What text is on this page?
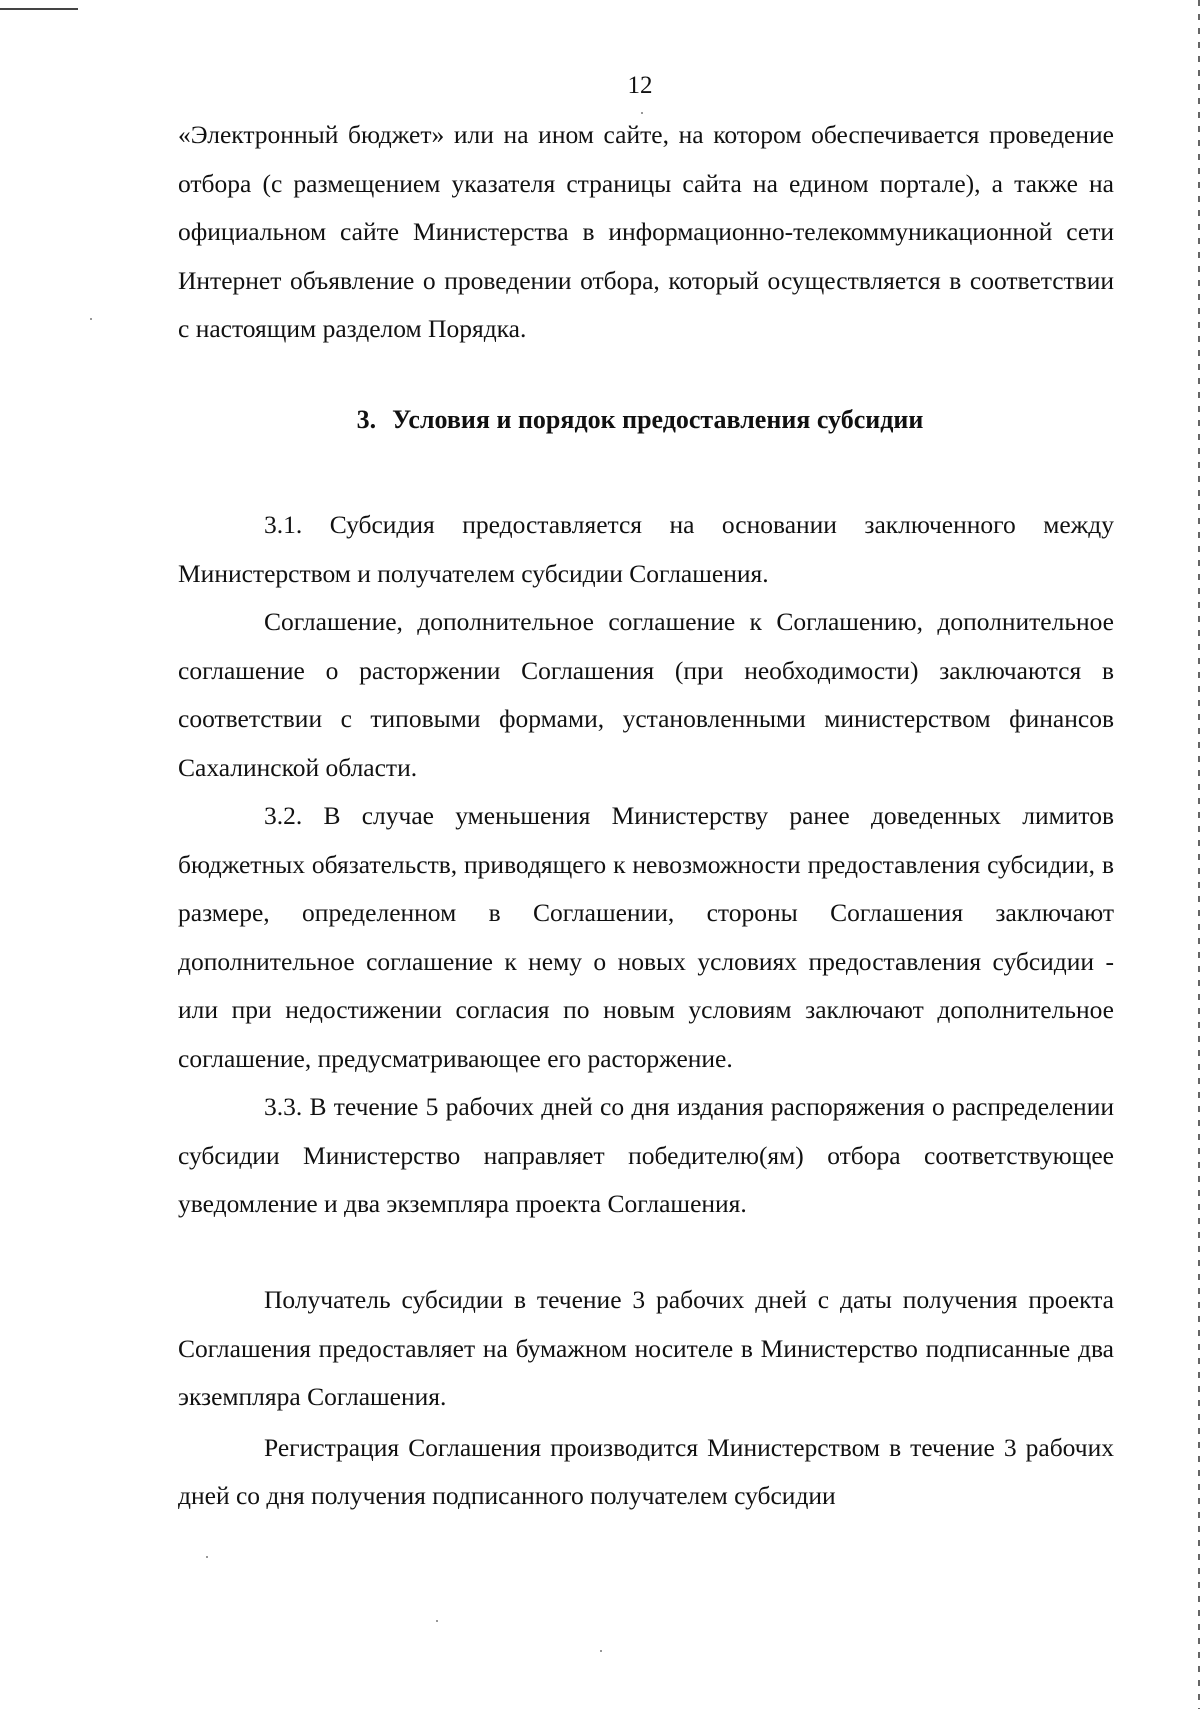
12

«Электронный бюджет» или на ином сайте, на котором обеспечивается проведение отбора (с размещением указателя страницы сайта на едином портале), а также на официальном сайте Министерства в информационно-телекоммуникационной сети Интернет объявление о проведении отбора, который осуществляется в соответствии с настоящим разделом Порядка.

3. Условия и порядок предоставления субсидии

3.1. Субсидия предоставляется на основании заключенного между Министерством и получателем субсидии Соглашения.

Соглашение, дополнительное соглашение к Соглашению, дополнительное соглашение о расторжении Соглашения (при необходимости) заключаются в соответствии с типовыми формами, установленными министерством финансов Сахалинской области.

3.2. В случае уменьшения Министерству ранее доведенных лимитов бюджетных обязательств, приводящего к невозможности предоставления субсидии, в размере, определенном в Соглашении, стороны Соглашения заключают дополнительное соглашение к нему о новых условиях предоставления субсидии - или при недостижении согласия по новым условиям заключают дополнительное соглашение, предусматривающее его расторжение.

3.3. В течение 5 рабочих дней со дня издания распоряжения о распределении субсидии Министерство направляет победителю(ям) отбора соответствующее уведомление и два экземпляра проекта Соглашения.

Получатель субсидии в течение 3 рабочих дней с даты получения проекта Соглашения предоставляет на бумажном носителе в Министерство подписанные два экземпляра Соглашения.

Регистрация Соглашения производится Министерством в течение 3 рабочих дней со дня получения подписанного получателем субсидии
